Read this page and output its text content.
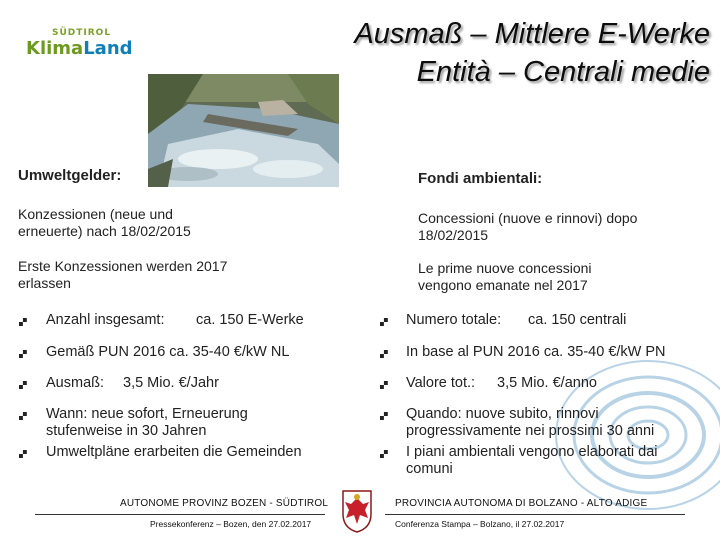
SÜDTIROL
KlimaLand	Ausmaß – Mittlere E-Werke
Entità – Centrali medie
Umweltgelder:
Konzessionen (neue und
erneuerte) nach 18/02/2015
Erste Konzessionen werden 2017
erlassen
🙾 Anzahl insgesamt: ca. 150 E-Werke
🙾 Gemäß PUN 2016 ca. 35-40 €/kW NL
🙾 Ausmaß: 3,5 Mio. €/Jahr
🙾 Wann: neue sofort, Erneuerung
stufenweise in 30 Jahren
🙾 Umweltpläne erarbeiten die Gemeinden
Fondi ambientali:
Concessioni (nuove e rinnovi) dopo
18/02/2015
Le prime nuove concessioni
vengono emanate nel 2017
🙾 Numero totale: ca. 150 centrali
🙾 In base al PUN 2016 ca. 35-40 €/kW PN
🙾 Valore tot.: 3,5 Mio. €/anno
🙾 Quando: nuove subito, rinnovi
progressivamente nei prossimi 30 anni
🙾 I piani ambientali vengono elaborati dai
comuni
AUTONOME PROVINZ BOZEN - SÜDTIROL
Pressekonferenz – Bozen, den 27.02.2017
PROVINCIA AUTONOMA DI BOLZANO - ALTO ADIGE
Conferenza Stampa – Bolzano, il 27.02.2017
